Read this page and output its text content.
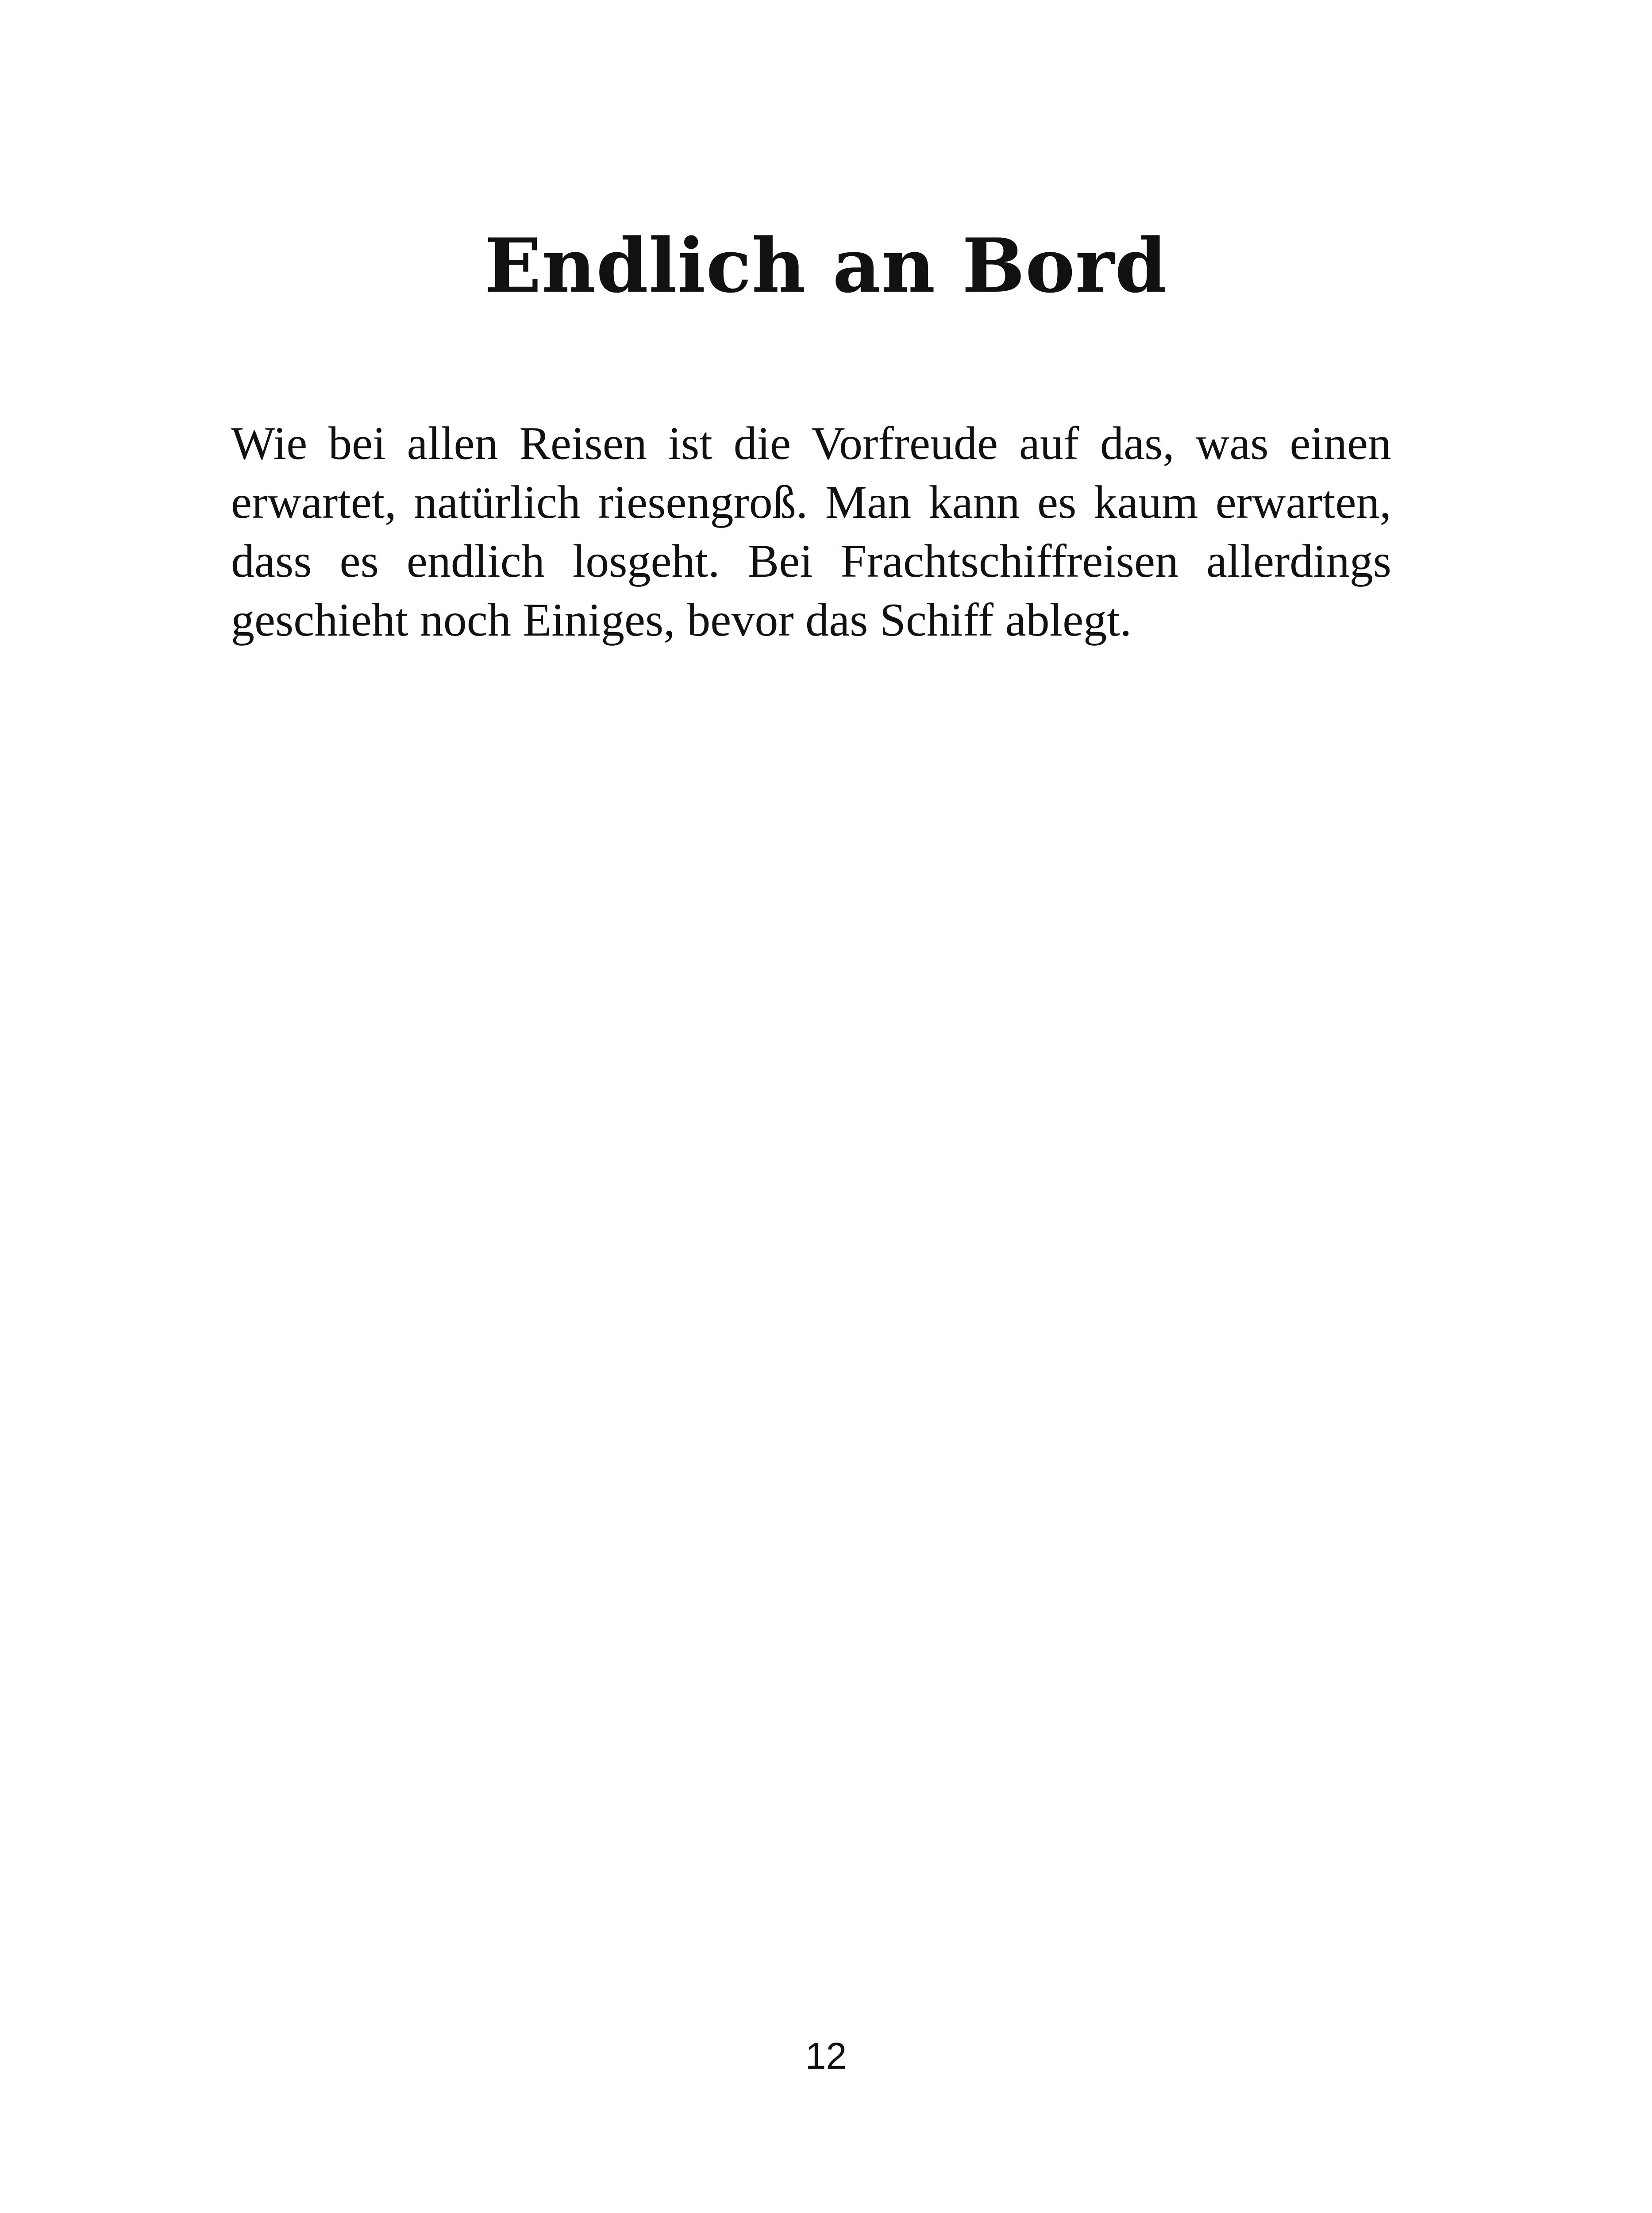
Endlich an Bord

Wie bei allen Reisen ist die Vorfreude auf das, was einen
erwartet, natürlich riesengroß. Man kann es kaum erwarten,
dass es endlich losgeht. Bei Frachtschiffreisen allerdings
geschieht noch Einiges, bevor das Schiff ablegt.

12
